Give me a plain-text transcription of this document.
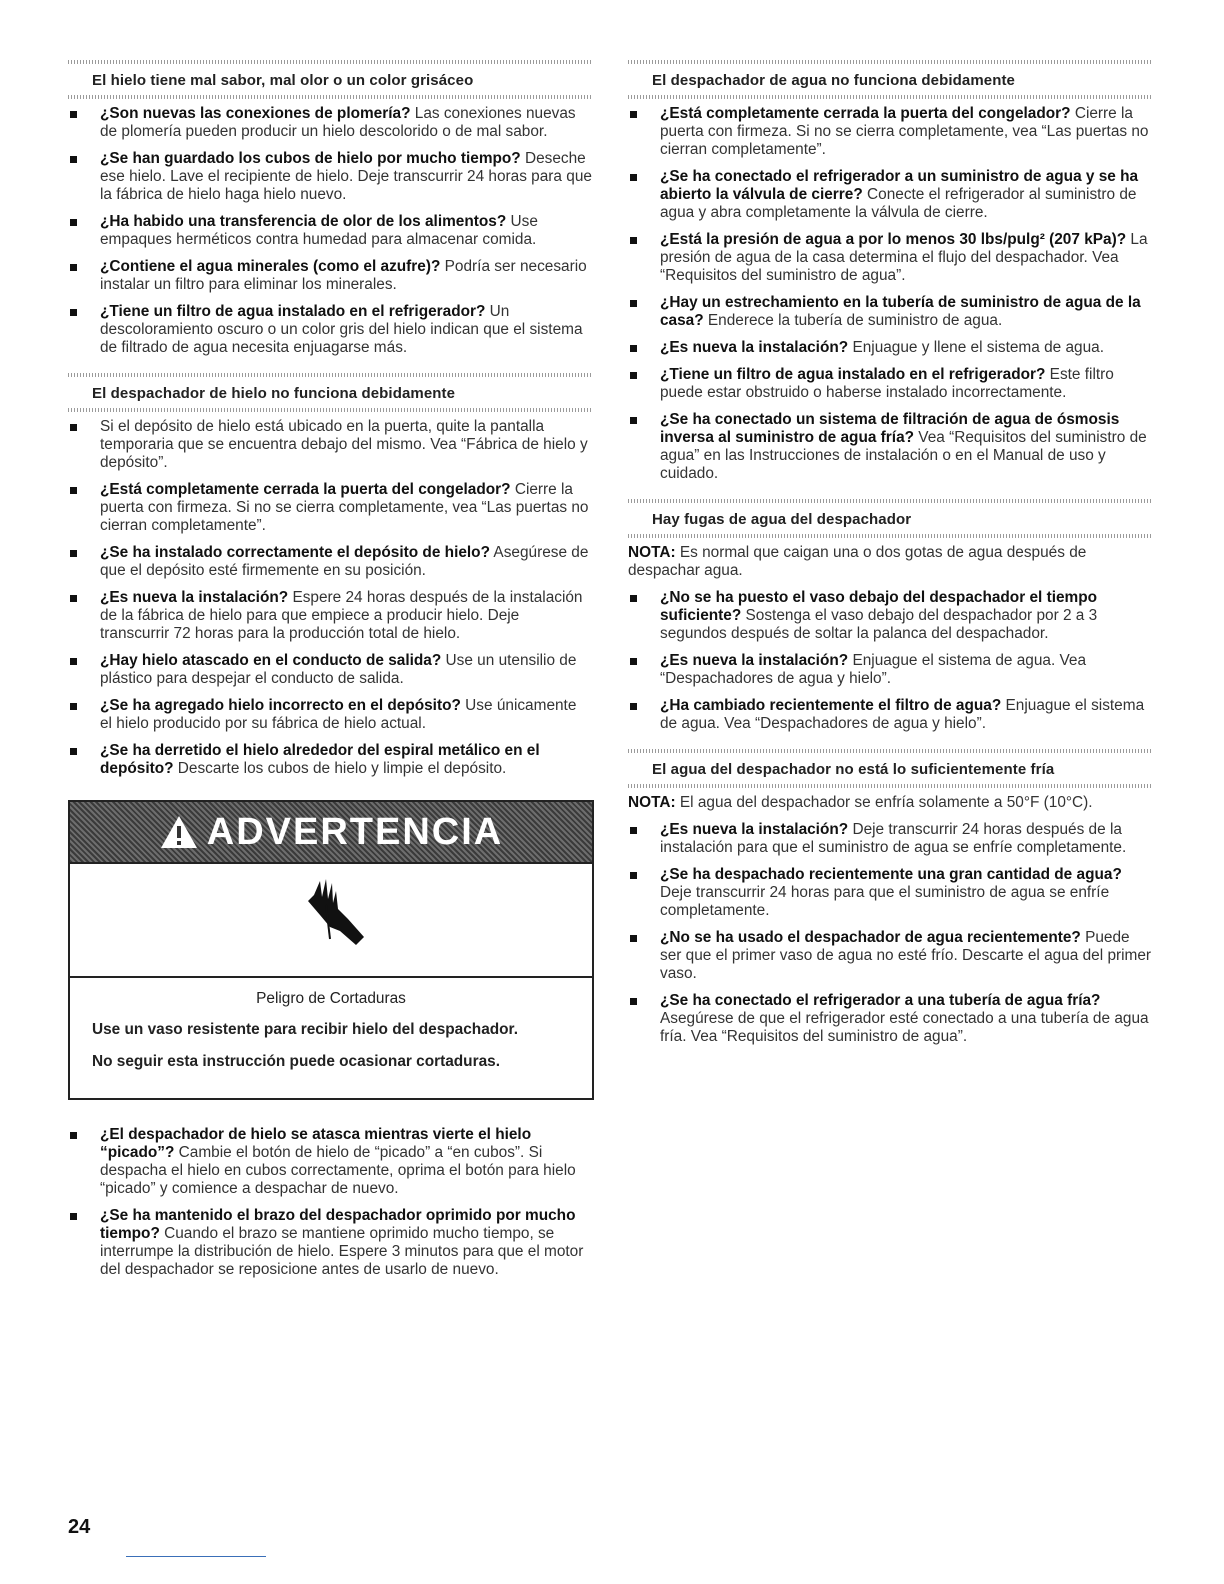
El hielo tiene mal sabor, mal olor o un color grisáceo
¿Son nuevas las conexiones de plomería? Las conexiones nuevas de plomería pueden producir un hielo descolorido o de mal sabor.
¿Se han guardado los cubos de hielo por mucho tiempo? Deseche ese hielo. Lave el recipiente de hielo. Deje transcurrir 24 horas para que la fábrica de hielo haga hielo nuevo.
¿Ha habido una transferencia de olor de los alimentos? Use empaques herméticos contra humedad para almacenar comida.
¿Contiene el agua minerales (como el azufre)? Podría ser necesario instalar un filtro para eliminar los minerales.
¿Tiene un filtro de agua instalado en el refrigerador? Un descoloramiento oscuro o un color gris del hielo indican que el sistema de filtrado de agua necesita enjuagarse más.
El despachador de hielo no funciona debidamente
Si el depósito de hielo está ubicado en la puerta, quite la pantalla temporaria que se encuentra debajo del mismo. Vea “Fábrica de hielo y depósito”.
¿Está completamente cerrada la puerta del congelador? Cierre la puerta con firmeza. Si no se cierra completamente, vea “Las puertas no cierran completamente”.
¿Se ha instalado correctamente el depósito de hielo? Asegúrese de que el depósito esté firmemente en su posición.
¿Es nueva la instalación? Espere 24 horas después de la instalación de la fábrica de hielo para que empiece a producir hielo. Deje transcurrir 72 horas para la producción total de hielo.
¿Hay hielo atascado en el conducto de salida? Use un utensilio de plástico para despejar el conducto de salida.
¿Se ha agregado hielo incorrecto en el depósito? Use únicamente el hielo producido por su fábrica de hielo actual.
¿Se ha derretido el hielo alrededor del espiral metálico en el depósito? Descarte los cubos de hielo y limpie el depósito.
ADVERTENCIA
Peligro de Cortaduras

Use un vaso resistente para recibir hielo del despachador.

No seguir esta instrucción puede ocasionar cortaduras.

¿El despachador de hielo se atasca mientras vierte el hielo “picado”? Cambie el botón de hielo de “picado” a “en cubos”. Si despacha el hielo en cubos correctamente, oprima el botón para hielo “picado” y comience a despachar de nuevo.
¿Se ha mantenido el brazo del despachador oprimido por mucho tiempo? Cuando el brazo se mantiene oprimido mucho tiempo, se interrumpe la distribución de hielo. Espere 3 minutos para que el motor del despachador se reposicione antes de usarlo de nuevo.
El despachador de agua no funciona debidamente
¿Está completamente cerrada la puerta del congelador? Cierre la puerta con firmeza. Si no se cierra completamente, vea “Las puertas no cierran completamente”.
¿Se ha conectado el refrigerador a un suministro de agua y se ha abierto la válvula de cierre? Conecte el refrigerador al suministro de agua y abra completamente la válvula de cierre.
¿Está la presión de agua a por lo menos 30 lbs/pulg² (207 kPa)? La presión de agua de la casa determina el flujo del despachador. Vea “Requisitos del suministro de agua”.
¿Hay un estrechamiento en la tubería de suministro de agua de la casa? Enderece la tubería de suministro de agua.
¿Es nueva la instalación? Enjuague y llene el sistema de agua.
¿Tiene un filtro de agua instalado en el refrigerador? Este filtro puede estar obstruido o haberse instalado incorrectamente.
¿Se ha conectado un sistema de filtración de agua de ósmosis inversa al suministro de agua fría? Vea “Requisitos del suministro de agua” en las Instrucciones de instalación o en el Manual de uso y cuidado.
Hay fugas de agua del despachador
NOTA: Es normal que caigan una o dos gotas de agua después de despachar agua.
¿No se ha puesto el vaso debajo del despachador el tiempo suficiente? Sostenga el vaso debajo del despachador por 2 a 3 segundos después de soltar la palanca del despachador.
¿Es nueva la instalación? Enjuague el sistema de agua. Vea “Despachadores de agua y hielo”.
¿Ha cambiado recientemente el filtro de agua? Enjuague el sistema de agua. Vea “Despachadores de agua y hielo”.
El agua del despachador no está lo suficientemente fría
NOTA: El agua del despachador se enfría solamente a 50°F (10°C).
¿Es nueva la instalación? Deje transcurrir 24 horas después de la instalación para que el suministro de agua se enfríe completamente.
¿Se ha despachado recientemente una gran cantidad de agua? Deje transcurrir 24 horas para que el suministro de agua se enfríe completamente.
¿No se ha usado el despachador de agua recientemente? Puede ser que el primer vaso de agua no esté frío. Descarte el agua del primer vaso.
¿Se ha conectado el refrigerador a una tubería de agua fría? Asegúrese de que el refrigerador esté conectado a una tubería de agua fría. Vea “Requisitos del suministro de agua”.
24
